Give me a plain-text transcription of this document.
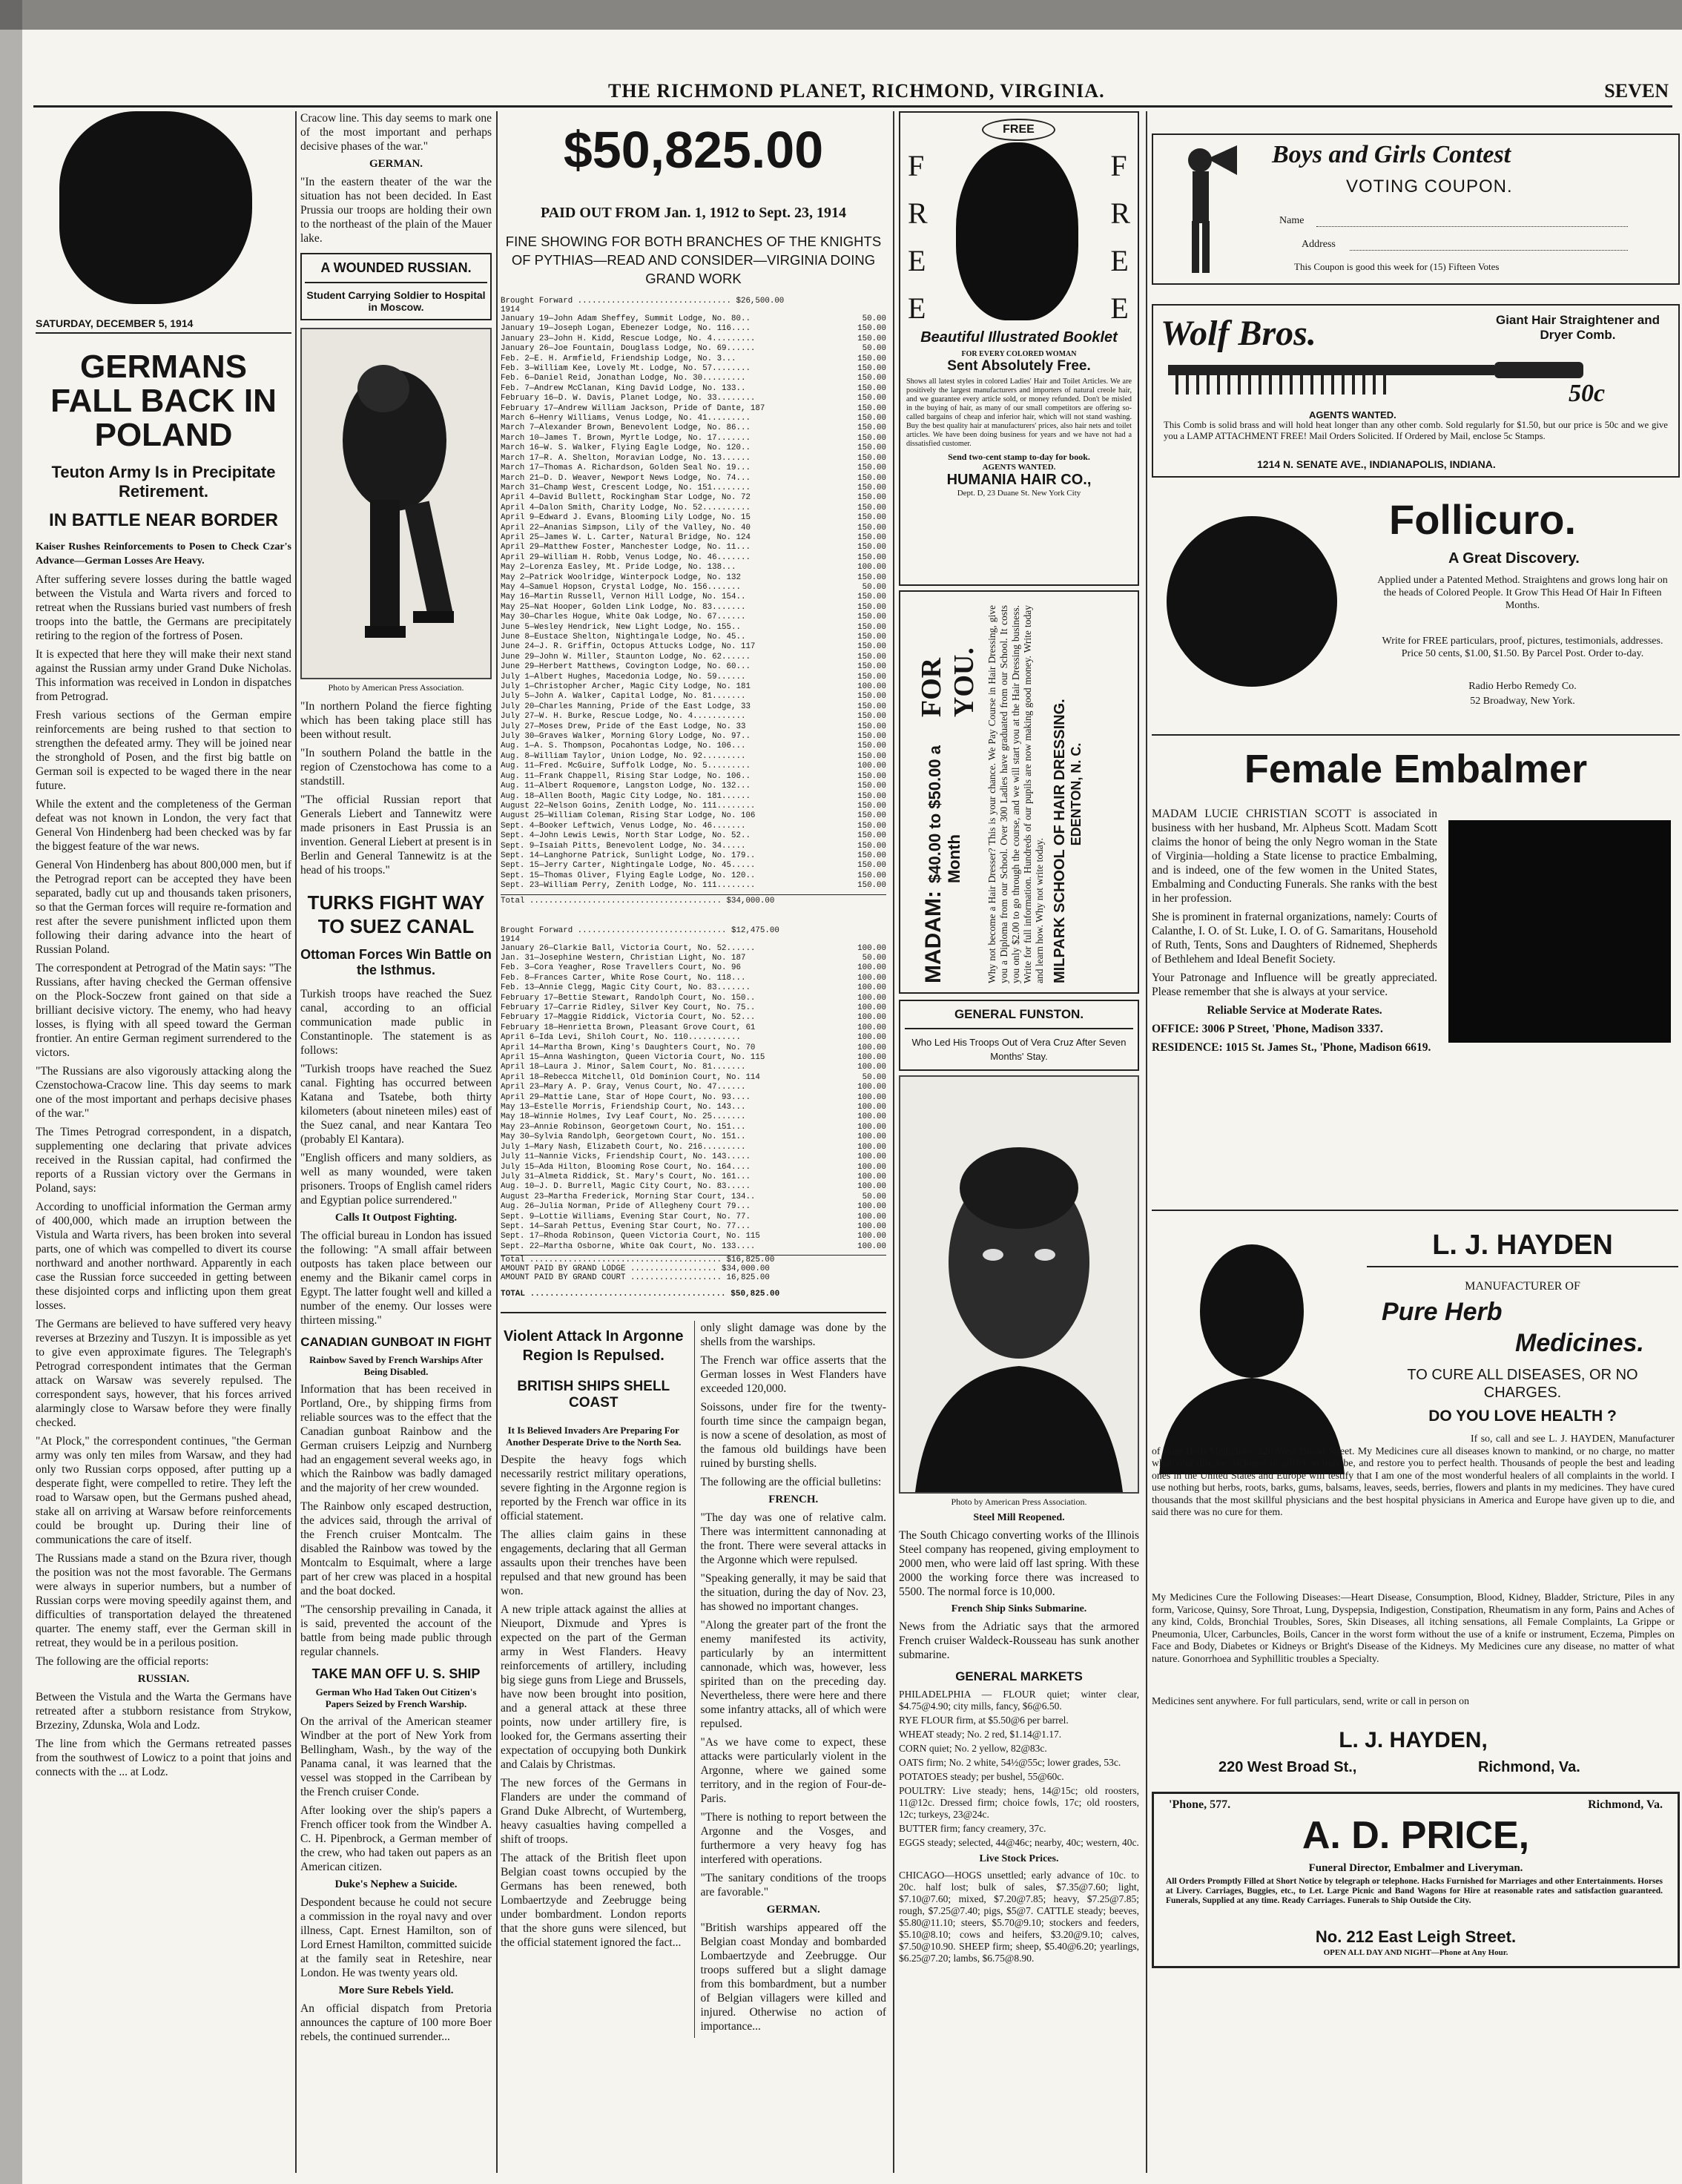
THE RICHMOND PLANET, RICHMOND, VIRGINIA.	SEVEN
SATURDAY, DECEMBER 5, 1914
GERMANS FALL BACK IN POLAND
Teuton Army Is in Precipitate Retirement.
IN BATTLE NEAR BORDER

Kaiser Rushes Reinforcements to Posen to Check Czar's Advance—German Losses Are Heavy.

After suffering severe losses during the battle waged between the Vistula and Warta rivers and forced to retreat when the Russians buried vast numbers of fresh troops into the battle, the Germans are precipitately retiring to the region of the fortress of Posen.

It is expected that here they will make their next stand against the Russian army under Grand Duke Nicholas. This information was received in London in dispatches from Petrograd.

Fresh various sections of the German empire reinforcements are being rushed to that section to strengthen the defeated army. They will be joined near the stronghold of Posen, and the first big battle on German soil is expected to be waged there in the near future.

While the extent and the completeness of the German defeat was not known in London, the very fact that General Von Hindenberg had been checked was by far the biggest feature of the war news.

General Von Hindenberg has about 800,000 men, but if the Petrograd report can be accepted they have been separated, badly cut up and thousands taken prisoners, so that the German forces will require re-formation and rest after the severe punishment inflicted upon them following their daring advance into the heart of Russian Poland.

The correspondent at Petrograd of the Matin says: "The Russians, after having checked the German offensive on the Plock-Soczew front gained on that side a brilliant decisive victory. The enemy, who had heavy losses, is flying with all speed toward the German frontier. An entire German regiment surrendered to the victors.

"The Russians are also vigorously attacking along the Czenstochowa-Cracow line. This day seems to mark one of the most important and perhaps decisive phases of the war."

The Times Petrograd correspondent, in a dispatch, supplementing one declaring that private advices received in the Russian capital, had confirmed the reports of a Russian victory over the Germans in Poland, says:

According to unofficial information the German army of 400,000, which made an irruption between the Vistula and Warta rivers, has been broken into several parts, one of which was compelled to divert its course northward and another northward. Apparently in each case the Russian force succeeded in getting between these disjointed corps and inflicting upon them great losses.

The Germans are believed to have suffered very heavy reverses at Brzeziny and Tuszyn. It is impossible as yet to give even approximate figures. The Telegraph's Petrograd correspondent intimates that the German attack on Warsaw was severely repulsed. The correspondent says, however, that his forces arrived alarmingly close to Warsaw before they were finally checked.

"At Plock," the correspondent continues, "the German army was only ten miles from Warsaw, and they had only two Russian corps opposed, after putting up a desperate fight, were compelled to retire. They left the road to Warsaw open, but the Germans pushed ahead, stake all on arriving at Warsaw before reinforcements could be brought up. During their line of communications the care of itself.

The Russians made a stand on the Bzura river, though the position was not the most favorable. The Germans were always in superior numbers, but a number of Russian corps were moving speedily against them, and difficulties of transportation delayed the threatened quarter. The enemy staff, ever the German skill in retreat, they would be in a perilous position.

The following are the official reports:

RUSSIAN.

Between the Vistula and the Warta the Germans have retreated after a stubborn resistance from Strykow, Brzeziny, Zdunska, Wola and Lodz.

The line from which the Germans retreated passes from the southwest of Lowicz to a point that joins and connects with the ... at Lodz.

Cracow line. This day seems to mark one of the most important and perhaps decisive phases of the war."

GERMAN.

"In the eastern theater of the war the situation has not been decided. In East Prussia our troops are holding their own to the northeast of the plain of the Mauer lake.

A WOUNDED RUSSIAN.
Student Carrying Soldier to Hospital in Moscow.
Photo by American Press Association.

"In northern Poland the fierce fighting which has been taking place still has been without result.

"In southern Poland the battle in the region of Czenstochowa has come to a standstill.

"The official Russian report that Generals Liebert and Tannewitz were made prisoners in East Prussia is an invention. General Liebert at present is in Berlin and General Tannewitz is at the head of his troops."

TURKS FIGHT WAY TO SUEZ CANAL
Ottoman Forces Win Battle on the Isthmus.

Turkish troops have reached the Suez canal, according to an official communication made public in Constantinople. The statement is as follows:

"Turkish troops have reached the Suez canal. Fighting has occurred between Katana and Tsatebe, both thirty kilometers (about nineteen miles) east of the Suez canal, and near Kantara Teo (probably El Kantara).

"English officers and many soldiers, as well as many wounded, were taken prisoners. Troops of English camel riders and Egyptian police surrendered."

Calls It Outpost Fighting.

The official bureau in London has issued the following: "A small affair between outposts has taken place between our enemy and the Bikanir camel corps in Egypt. The latter fought well and killed a number of the enemy. Our losses were thirteen missing."

CANADIAN GUNBOAT IN FIGHT
Rainbow Saved by French Warships After Being Disabled.

Information that has been received in Portland, Ore., by shipping firms from reliable sources was to the effect that the Canadian gunboat Rainbow and the German cruisers Leipzig and Nurnberg had an engagement several weeks ago, in which the Rainbow was badly damaged and the majority of her crew wounded.

The Rainbow only escaped destruction, the advices said, through the arrival of the French cruiser Montcalm. The disabled the Rainbow was towed by the Montcalm to Esquimalt, where a large part of her crew was placed in a hospital and the boat docked.

"The censorship prevailing in Canada, it is said, prevented the account of the battle from being made public through regular channels.

TAKE MAN OFF U. S. SHIP
German Who Had Taken Out Citizen's Papers Seized by French Warship.

On the arrival of the American steamer Windber at the port of New York from Bellingham, Wash., by the way of the Panama canal, it was learned that the vessel was stopped in the Carribean by the French cruiser Conde.

After looking over the ship's papers a French officer took from the Windber A. C. H. Pipenbrock, a German member of the crew, who had taken out papers as an American citizen.

Duke's Nephew a Suicide.

Despondent because he could not secure a commission in the royal navy and over illness, Capt. Ernest Hamilton, son of Lord Ernest Hamilton, committed suicide at the family seat in Reteshire, near London. He was twenty years old.

More Sure Rebels Yield.

An official dispatch from Pretoria announces the capture of 100 more Boer rebels, the continued surrender...

$50,825.00
PAID OUT FROM Jan. 1, 1912 to Sept. 23, 1914
FINE SHOWING FOR BOTH BRANCHES OF THE KNIGHTS OF PYTHIAS—READ AND CONSIDER—VIRGINIA DOING GRAND WORK
Brought Forward ................................ $26,500.00
1914
January 19—John Adam Sheffey, Summit Lodge, No. 80..	50.00
January 19—Joseph Logan, Ebenezer Lodge, No. 116....	150.00
January 23—John H. Kidd, Rescue Lodge, No. 4.........	150.00
January 26—Joe Fountain, Douglass Lodge, No. 69......	50.00
Feb. 2—E. H. Armfield, Friendship Lodge, No. 3...	150.00
Feb. 3—William Kee, Lovely Mt. Lodge, No. 57........	150.00
Feb. 6—Daniel Reid, Jonathan Lodge, No. 30.........	150.00
Feb. 7—Andrew McClanan, King David Lodge, No. 133..	150.00
February 16—D. W. Davis, Planet Lodge, No. 33........	150.00
February 17—Andrew William Jackson, Pride of Dante, 187	150.00
March 6—Henry Williams, Venus Lodge, No. 41.........	150.00
March 7—Alexander Brown, Benevolent Lodge, No. 86...	150.00
March 10—James T. Brown, Myrtle Lodge, No. 17.......	150.00
March 16—W. S. Walker, Flying Eagle Lodge, No. 120..	150.00
March 17—R. A. Shelton, Moravian Lodge, No. 13......	150.00
March 17—Thomas A. Richardson, Golden Seal No. 19...	150.00
March 21—D. D. Weaver, Newport News Lodge, No. 74...	150.00
March 31—Champ West, Crescent Lodge, No. 151........	150.00
April 4—David Bullett, Rockingham Star Lodge, No. 72	150.00
April 4—Dalon Smith, Charity Lodge, No. 52..........	150.00
April 9—Edward J. Evans, Blooming Lily Lodge, No. 15	150.00
April 22—Ananias Simpson, Lily of the Valley, No. 40	150.00
April 25—James W. L. Carter, Natural Bridge, No. 124	150.00
April 29—Matthew Foster, Manchester Lodge, No. 11...	150.00
April 29—William H. Robb, Venus Lodge, No. 46.......	150.00
May 2—Lorenza Easley, Mt. Pride Lodge, No. 138...	100.00
May 2—Patrick Woolridge, Winterpock Lodge, No. 132	150.00
May 4—Samuel Hopson, Crystal Lodge, No. 156.......	50.00
May 16—Martin Russell, Vernon Hill Lodge, No. 154..	150.00
May 25—Nat Hooper, Golden Link Lodge, No. 83.......	150.00
May 30—Charles Hogue, White Oak Lodge, No. 67......	150.00
June 5—Wesley Hendrick, New Light Lodge, No. 155..	150.00
June 8—Eustace Shelton, Nightingale Lodge, No. 45..	150.00
June 24—J. R. Griffin, Octopus Attucks Lodge, No. 117	150.00
June 29—John W. Miller, Staunton Lodge, No. 62......	150.00
June 29—Herbert Matthews, Covington Lodge, No. 60...	150.00
July 1—Albert Hughes, Macedonia Lodge, No. 59......	150.00
July 1—Christopher Archer, Magic City Lodge, No. 181	100.00
July 5—John A. Walker, Capital Lodge, No. 81.......	150.00
July 20—Charles Manning, Pride of the East Lodge, 33	150.00
July 27—W. H. Burke, Rescue Lodge, No. 4...........	150.00
July 27—Moses Drew, Pride of the East Lodge, No. 33	150.00
July 30—Graves Walker, Morning Glory Lodge, No. 97..	150.00
Aug. 1—A. S. Thompson, Pocahontas Lodge, No. 106...	150.00
Aug. 8—William Taylor, Union Lodge, No. 92.........	150.00
Aug. 11—Fred. McGuire, Suffolk Lodge, No. 5.........	100.00
Aug. 11—Frank Chappell, Rising Star Lodge, No. 106..	150.00
Aug. 11—Albert Roquemore, Langston Lodge, No. 132...	150.00
Aug. 18—Allen Booth, Magic City Lodge, No. 181......	150.00
August 22—Nelson Goins, Zenith Lodge, No. 111........	150.00
August 25—William Coleman, Rising Star Lodge, No. 106	150.00
Sept. 4—Booker Leftwich, Venus Lodge, No. 46.......	150.00
Sept. 4—John Lewis Lewis, North Star Lodge, No. 52..	150.00
Sept. 9—Isaiah Pitts, Benevolent Lodge, No. 34.....	150.00
Sept. 14—Langhorne Patrick, Sunlight Lodge, No. 179..	150.00
Sept. 15—Jerry Carter, Nightingale Lodge, No. 45.....	150.00
Sept. 15—Thomas Oliver, Flying Eagle Lodge, No. 120..	150.00
Sept. 23—William Perry, Zenith Lodge, No. 111........	150.00
Total ........................................ $34,000.00
Brought Forward ............................... $12,475.00
1914
January 26—Clarkie Ball, Victoria Court, No. 52......	100.00
Jan. 31—Josephine Western, Christian Light, No. 187	50.00
Feb. 3—Cora Yeagher, Rose Travellers Court, No. 96	100.00
Feb. 8—Frances Carter, White Rose Court, No. 118...	100.00
Feb. 13—Annie Clegg, Magic City Court, No. 83.......	100.00
February 17—Bettie Stewart, Randolph Court, No. 150..	100.00
February 17—Carrie Ridley, Silver Key Court, No. 75..	100.00
February 17—Maggie Riddick, Victoria Court, No. 52...	100.00
February 18—Henrietta Brown, Pleasant Grove Court, 61	100.00
April 6—Ida Levi, Shiloh Court, No. 110...........	100.00
April 14—Martha Brown, King's Daughters Court, No. 70	100.00
April 15—Anna Washington, Queen Victoria Court, No. 115	100.00
April 18—Laura J. Minor, Salem Court, No. 81.......	100.00
April 18—Rebecca Mitchell, Old Dominion Court, No. 114	50.00
April 23—Mary A. P. Gray, Venus Court, No. 47......	100.00
April 29—Mattie Lane, Star of Hope Court, No. 93....	100.00
May 13—Estelle Morris, Friendship Court, No. 143...	100.00
May 18—Winnie Holmes, Ivy Leaf Court, No. 25.......	100.00
May 23—Annie Robinson, Georgetown Court, No. 151...	100.00
May 30—Sylvia Randolph, Georgetown Court, No. 151..	100.00
July 1—Mary Nash, Elizabeth Court, No. 216.........	100.00
July 11—Nannie Vicks, Friendship Court, No. 143.....	100.00
July 15—Ada Hilton, Blooming Rose Court, No. 164....	100.00
July 31—Almeta Riddick, St. Mary's Court, No. 161...	100.00
Aug. 10—J. D. Burrell, Magic City Court, No. 83.....	100.00
August 23—Martha Frederick, Morning Star Court, 134..	50.00
Aug. 26—Julia Norman, Pride of Allegheny Court 79...	100.00
Sept. 9—Lottie Williams, Evening Star Court, No. 77.	100.00
Sept. 14—Sarah Pettus, Evening Star Court, No. 77...	100.00
Sept. 17—Rhoda Robinson, Queen Victoria Court, No. 115	100.00
Sept. 22—Martha Osborne, White Oak Court, No. 133....	100.00
Total ........................................ $16,825.00
AMOUNT PAID BY GRAND LODGE .................. $34,000.00
AMOUNT PAID BY GRAND COURT ................... 16,825.00
TOTAL ........................................ $50,825.00
Violent Attack In Argonne Region Is Repulsed.
BRITISH SHIPS SHELL COAST
It Is Believed Invaders Are Preparing For Another Desperate Drive to the North Sea.

Despite the heavy fogs which necessarily restrict military operations, severe fighting in the Argonne region is reported by the French war office in its official statement.

The allies claim gains in these engagements, declaring that all German assaults upon their trenches have been repulsed and that new ground has been won.

A new triple attack against the allies at Nieuport, Dixmude and Ypres is expected on the part of the German army in West Flanders. Heavy reinforcements of artillery, including big siege guns from Liege and Brussels, have now been brought into position, and a general attack at these three points, now under artillery fire, is looked for, the Germans asserting their expectation of occupying both Dunkirk and Calais by Christmas.

The new forces of the Germans in Flanders are under the command of Grand Duke Albrecht, of Wurtemberg, heavy casualties having compelled a shift of troops.

The attack of the British fleet upon Belgian coast towns occupied by the Germans has been renewed, both Lombaertzyde and Zeebrugge being under bombardment. London reports that the shore guns were silenced, but the official statement ignored the fact...

only slight damage was done by the shells from the warships.

The French war office asserts that the German losses in West Flanders have exceeded 120,000.

Soissons, under fire for the twenty-fourth time since the campaign began, is now a scene of desolation, as most of the famous old buildings have been ruined by bursting shells.

The following are the official bulletins:

FRENCH.

"The day was one of relative calm. There was intermittent cannonading at the front. There were several attacks in the Argonne which were repulsed.

"Speaking generally, it may be said that the situation, during the day of Nov. 23, has showed no important changes.

"Along the greater part of the front the enemy manifested its activity, particularly by an intermittent cannonade, which was, however, less spirited than on the preceding day. Nevertheless, there were here and there some infantry attacks, all of which were repulsed.

"As we have come to expect, these attacks were particularly violent in the Argonne, where we gained some territory, and in the region of Four-de-Paris.

"There is nothing to report between the Argonne and the Vosges, and furthermore a very heavy fog has interfered with operations.

"The sanitary conditions of the troops are favorable."

GERMAN.

"British warships appeared off the Belgian coast Monday and bombarded Lombaertzyde and Zeebrugge. Our troops suffered but a slight damage from this bombardment, but a number of Belgian villagers were killed and injured. Otherwise no action of importance...

FREE
F
R
E
E
F
R
E
E
Beautiful Illustrated Booklet
FOR EVERY COLORED WOMAN
Sent Absolutely Free.

Shows all latest styles in colored Ladies' Hair and Toilet Articles. We are positively the largest manufacturers and importers of natural creole hair, and we guarantee every article sold, or money refunded. Don't be misled in the buying of hair, as many of our small competitors are offering so-called bargains of cheap and inferior hair, which will not stand washing. Buy the best quality hair at manufacturers' prices, also hair nets and toilet articles. We have been doing business for years and we have not had a dissatisfied customer.

Send two-cent stamp to-day for book.
AGENTS WANTED.
HUMANIA HAIR CO.,
Dept. D, 23 Duane St. New York City
MADAM:
$40.00 to $50.00 a Month
FOR YOU. Why not become a Hair Dresser? This is your chance. We Pay Course in Hair Dressing, give you a Diploma from our School. Over 300 Ladies have graduated from our School. It costs you only $2.00 to go through the course, and we will start you at the Hair Dressing business. Write for full information. Hundreds of our pupils are now making good money. Write today and learn how. Why not write today. MILPARK SCHOOL OF HAIR DRESSING. EDENTON, N. C.
GENERAL FUNSTON.
Who Led His Troops Out of Vera Cruz After Seven Months' Stay.
Photo by American Press Association.
Steel Mill Reopened.

The South Chicago converting works of the Illinois Steel company has reopened, giving employment to 2000 men, who were laid off last spring. With these 2000 the working force there was increased to 5500. The normal force is 10,000.

French Ship Sinks Submarine.

News from the Adriatic says that the armored French cruiser Waldeck-Rousseau has sunk another submarine.

GENERAL MARKETS

PHILADELPHIA — FLOUR quiet; winter clear, $4.75@4.90; city mills, fancy, $6@6.50.

RYE FLOUR firm, at $5.50@6 per barrel.

WHEAT steady; No. 2 red, $1.14@1.17.

CORN quiet; No. 2 yellow, 82@83c.

OATS firm; No. 2 white, 54½@55c; lower grades, 53c.

POTATOES steady; per bushel, 55@60c.

POULTRY: Live steady; hens, 14@15c; old roosters, 11@12c. Dressed firm; choice fowls, 17c; old roosters, 12c; turkeys, 23@24c.

BUTTER firm; fancy creamery, 37c.

EGGS steady; selected, 44@46c; nearby, 40c; western, 40c.

Live Stock Prices.

CHICAGO—HOGS unsettled; early advance of 10c. to 20c. half lost; bulk of sales, $7.35@7.60; light, $7.10@7.60; mixed, $7.20@7.85; heavy, $7.25@7.85; rough, $7.25@7.40; pigs, $5@7. CATTLE steady; beeves, $5.80@11.10; steers, $5.70@9.10; stockers and feeders, $5.10@8.10; cows and heifers, $3.20@9.10; calves, $7.50@10.90. SHEEP firm; sheep, $5.40@6.20; yearlings, $6.25@7.20; lambs, $6.75@8.90.

Boys and Girls Contest
VOTING COUPON.
Name
Address
This Coupon is good this week for (15) Fifteen Votes
Wolf Bros.	Giant Hair Straightener and Dryer Comb.
50c
AGENTS WANTED.

This Comb is solid brass and will hold heat longer than any other comb. Sold regularly for $1.50, but our price is 50c and we give you a LAMP ATTACHMENT FREE! Mail Orders Solicited. If Ordered by Mail, enclose 5c Stamps.

1214 N. SENATE AVE., INDIANAPOLIS, INDIANA.
Follicuro.
A Great Discovery.

Applied under a Patented Method. Straightens and grows long hair on the heads of Colored People. It Grow This Head Of Hair In Fifteen Months.

Write for FREE particulars, proof, pictures, testimonials, addresses. Price 50 cents, $1.00, $1.50. By Parcel Post. Order to-day.

Radio Herbo Remedy Co.
52 Broadway, New York.
Female Embalmer

MADAM LUCIE CHRISTIAN SCOTT is associated in business with her husband, Mr. Alpheus Scott. Madam Scott claims the honor of being the only Negro woman in the State of Virginia—holding a State license to practice Embalming, and is indeed, one of the few women in the United States, Embalming and Conducting Funerals. She ranks with the best in her profession.

She is prominent in fraternal organizations, namely: Courts of Calanthe, I. O. of St. Luke, I. O. of G. Samaritans, Household of Ruth, Tents, Sons and Daughters of Ridnemed, Shepherds of Bethlehem and Ideal Benefit Society.

Your Patronage and Influence will be greatly appreciated. Please remember that she is always at your service.

Reliable Service at Moderate Rates.

OFFICE: 3006 P Street, 'Phone, Madison 3337.

RESIDENCE: 1015 St. James St., 'Phone, Madison 6619.

L. J. HAYDEN
MANUFACTURER OF
Pure Herb
Medicines.
TO CURE ALL DISEASES, OR NO CHARGES.
DO YOU LOVE HEALTH ?

If so, call and see L. J. HAYDEN, Manufacturer of Pure Herb Medicines, 220 West Broad Street. My Medicines cure all diseases known to mankind, or no charge, no matter what your disease, sickness or affliction may be, and restore you to perfect health. Thousands of people the best and leading ones in the United States and Europe will testify that I am one of the most wonderful healers of all complaints in the world. I use nothing but herbs, roots, barks, gums, balsams, leaves, seeds, berries, flowers and plants in my medicines. They have cured thousands that the most skillful physicians and the best hospital physicians in America and Europe have given up to die, and said there was no cure for them.

My Medicines Cure the Following Diseases:—Heart Disease, Consumption, Blood, Kidney, Bladder, Stricture, Piles in any form, Varicose, Quinsy, Sore Throat, Lung, Dyspepsia, Indigestion, Constipation, Rheumatism in any form, Pains and Aches of any kind, Colds, Bronchial Troubles, Sores, Skin Diseases, all itching sensations, all Female Complaints, La Grippe or Pneumonia, Ulcer, Carbuncles, Boils, Cancer in the worst form without the use of a knife or instrument, Eczema, Pimples on Face and Body, Diabetes or Kidneys or Bright's Disease of the Kidneys. My Medicines cure any disease, no matter of what nature. Gonorrhoea and Syphillitic troubles a Specialty.

Medicines sent anywhere. For full particulars, send, write or call in person on

L. J. HAYDEN,
220 West Broad St.,	Richmond, Va.
'Phone, 577.	Richmond, Va.
A. D. PRICE,
Funeral Director, Embalmer and Liveryman.

All Orders Promptly Filled at Short Notice by telegraph or telephone. Hacks Furnished for Marriages and other Entertainments. Horses at Livery. Carriages, Buggies, etc., to Let. Large Picnic and Band Wagons for Hire at reasonable rates and satisfaction guaranteed. Funerals, Supplied at any time. Ready Carriages. Funerals to Ship Outside the City.

No. 212 East Leigh Street.
OPEN ALL DAY AND NIGHT—Phone at Any Hour.
